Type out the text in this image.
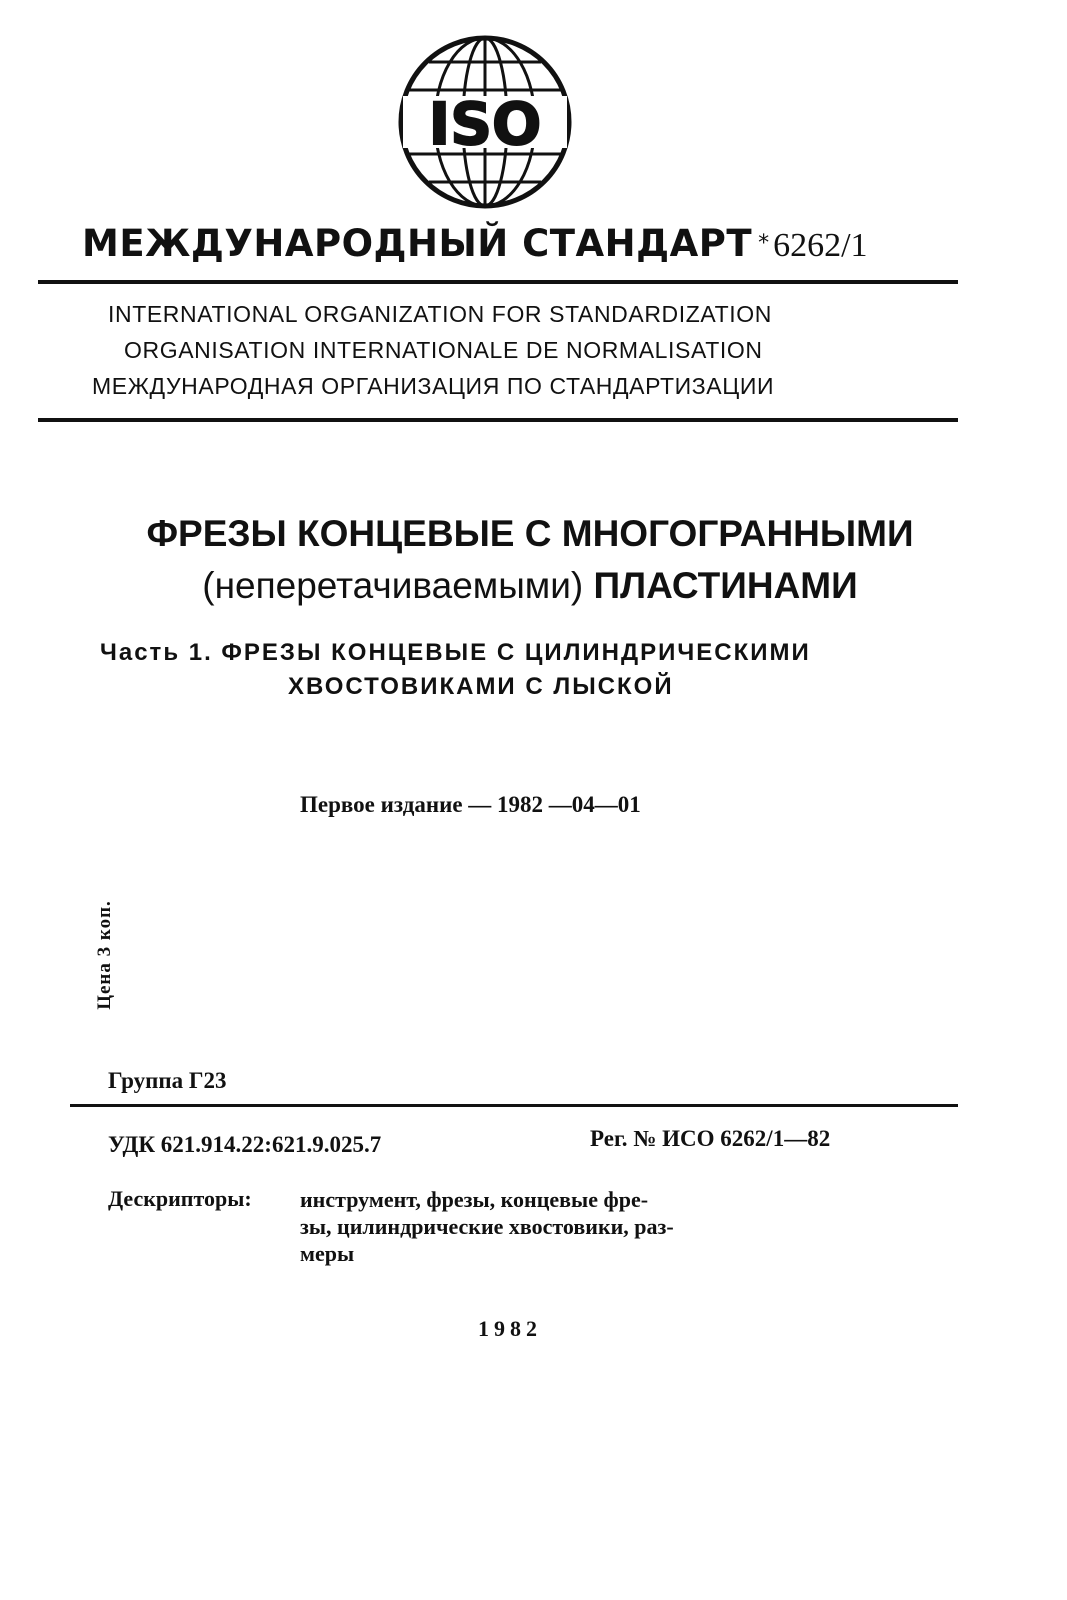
ISO
МЕЖДУНАРОДНЫЙ СТАНДАРТ * 6262/1
INTERNATIONAL ORGANIZATION FOR STANDARDIZATION
ORGANISATION INTERNATIONALE DE NORMALISATION
МЕЖДУНАРОДНАЯ ОРГАНИЗАЦИЯ ПО СТАНДАРТИЗАЦИИ
ФРЕЗЫ КОНЦЕВЫЕ С МНОГОГРАННЫМИ
(неперетачиваемыми) ПЛАСТИНАМИ
Часть 1. ФРЕЗЫ КОНЦЕВЫЕ С ЦИЛИНДРИЧЕСКИМИ
ХВОСТОВИКАМИ С ЛЫСКОЙ
Первое издание — 1982 —04—01
Цена 3 коп.
Группа Г23
УДК 621.914.22:621.9.025.7	Рег. № ИСО 6262/1—82
Дескрипторы: инструмент, фрезы, концевые фре-
зы, цилиндрические хвостовики, раз-
меры
1982
